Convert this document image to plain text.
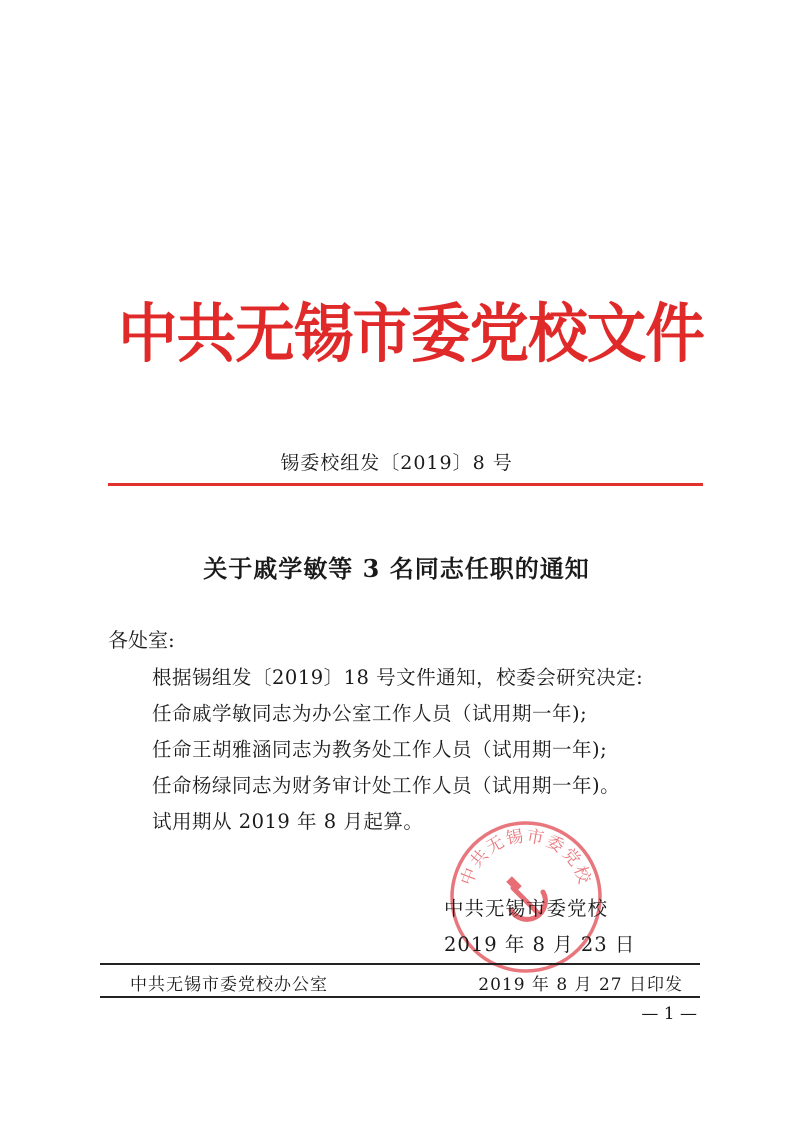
中共无锡市委党校文件
锡委校组发〔2019〕8 号
关于戚学敏等 3 名同志任职的通知
各处室:
根据锡组发〔2019〕18 号文件通知，校委会研究决定:
任命戚学敏同志为办公室工作人员（试用期一年);
任命王胡雅涵同志为教务处工作人员（试用期一年);
任命杨绿同志为财务审计处工作人员（试用期一年)。
试用期从 2019 年 8 月起算。
中共无锡市委党校
中共无锡市委党校
2019 年 8 月 23 日
中共无锡市委党校办公室	2019 年 8 月 27 日印发
— 1 —
